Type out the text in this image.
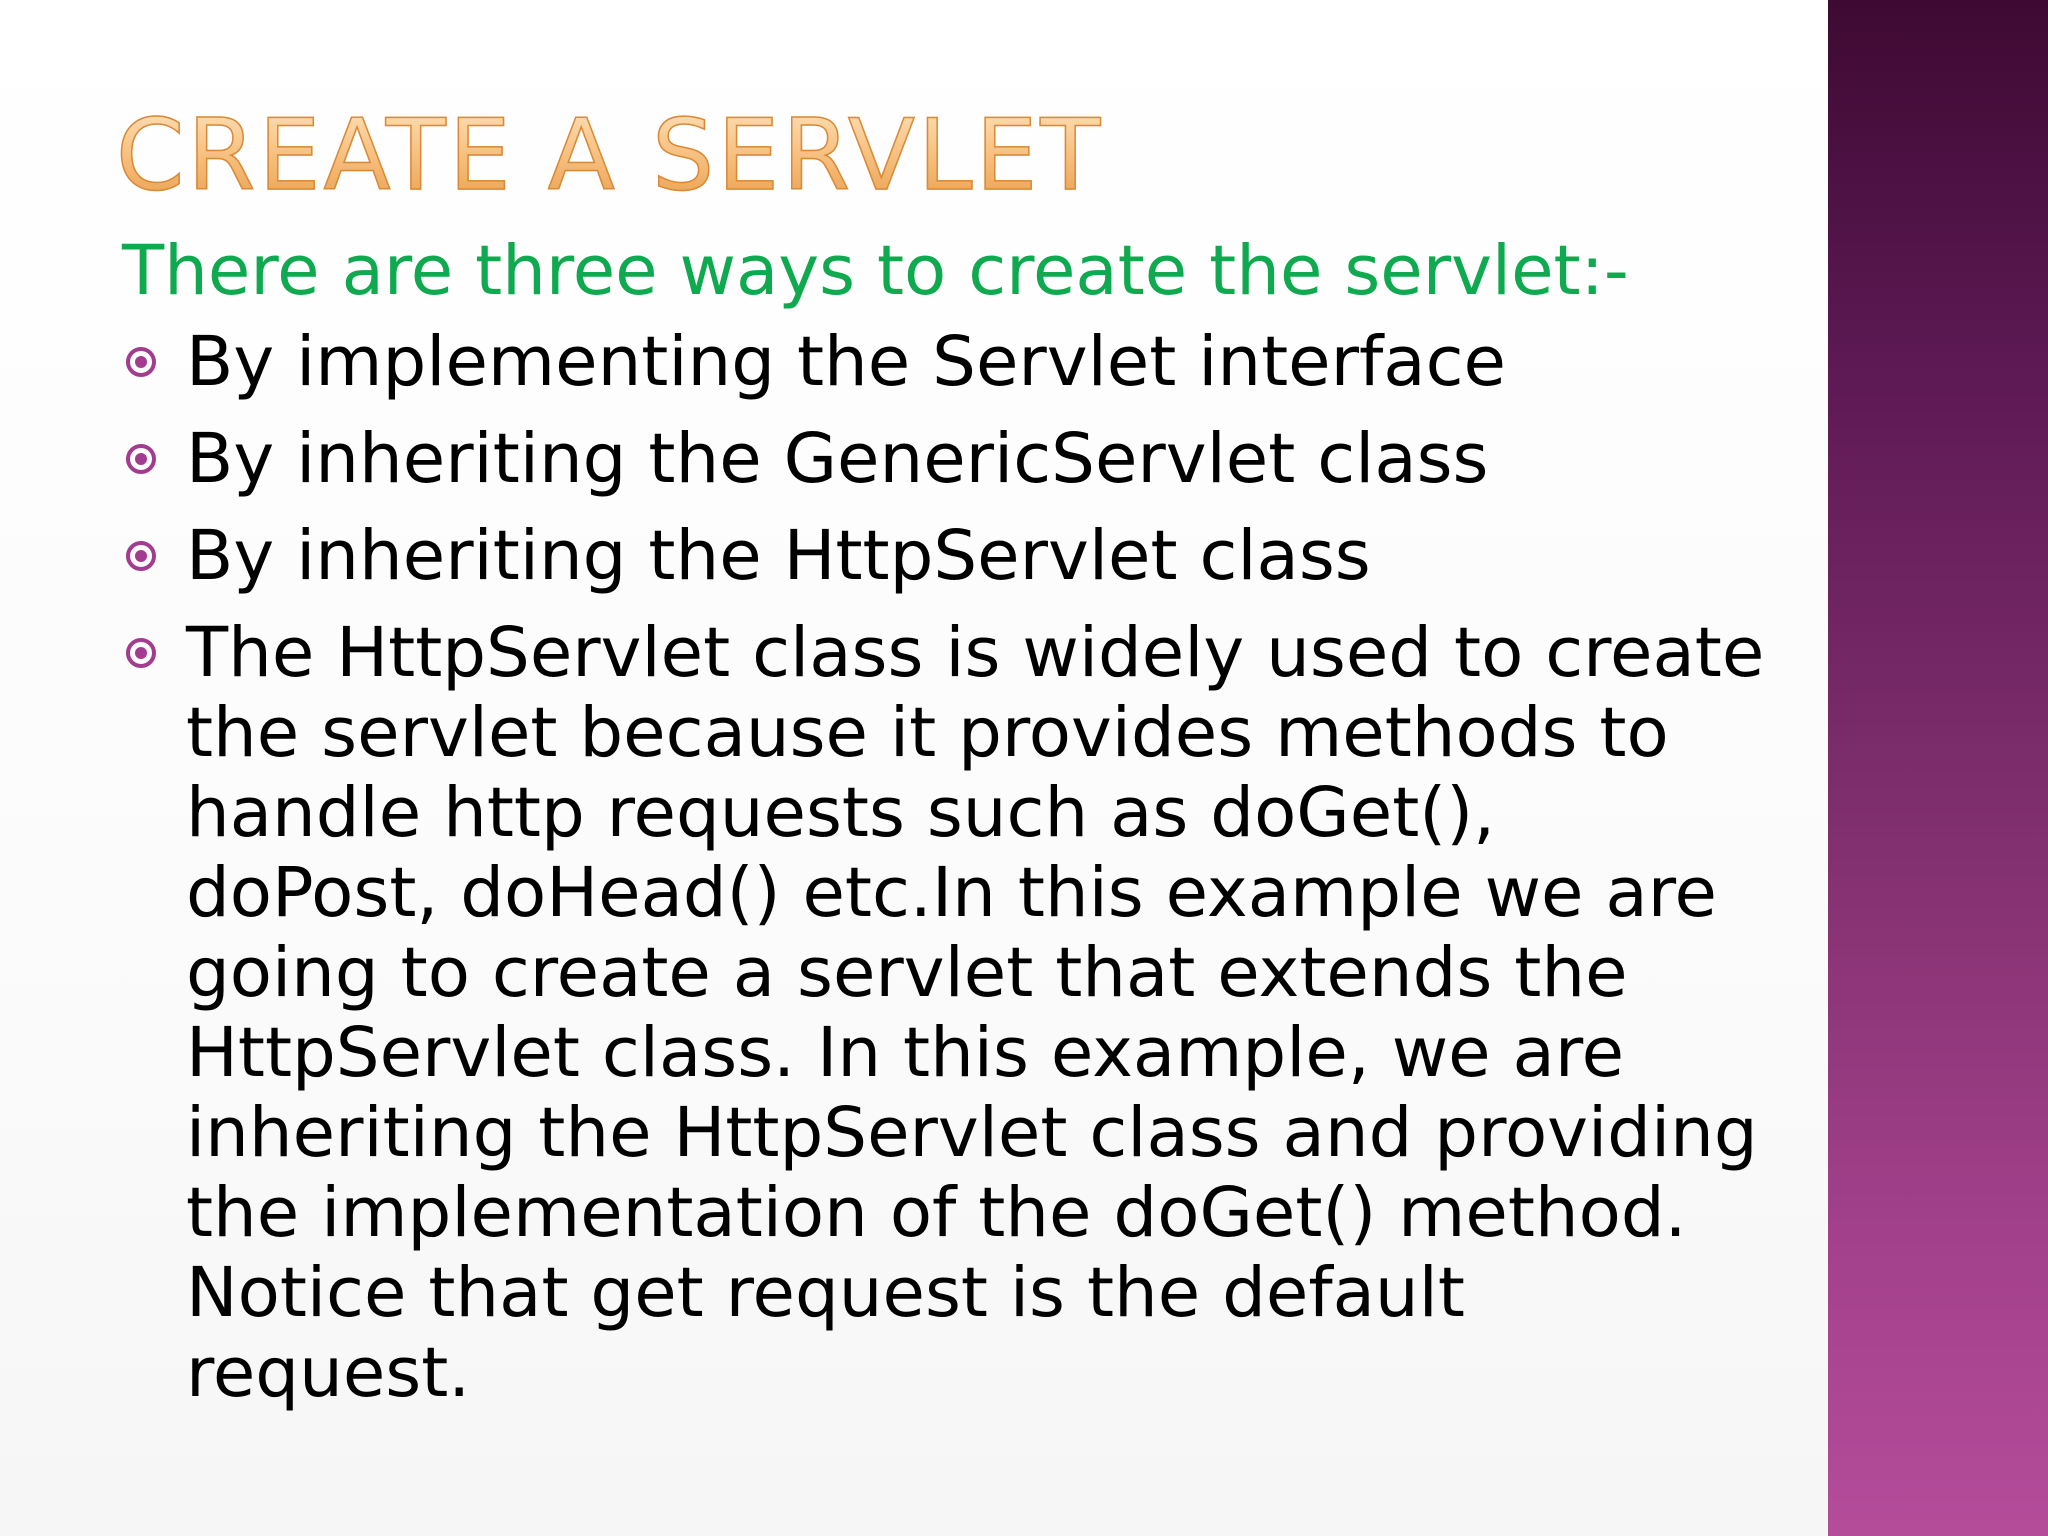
CREATE A SERVLET

There are three ways to create the servlet:-

By implementing the Servlet interface
By inheriting the GenericServlet class
By inheriting the HttpServlet class
The HttpServlet class is widely used to create
the servlet because it provides methods to
handle http requests such as doGet(),
doPost, doHead() etc.In this example we are
going to create a servlet that extends the
HttpServlet class. In this example, we are
inheriting the HttpServlet class and providing
the implementation of the doGet() method.
Notice that get request is the default
request.
